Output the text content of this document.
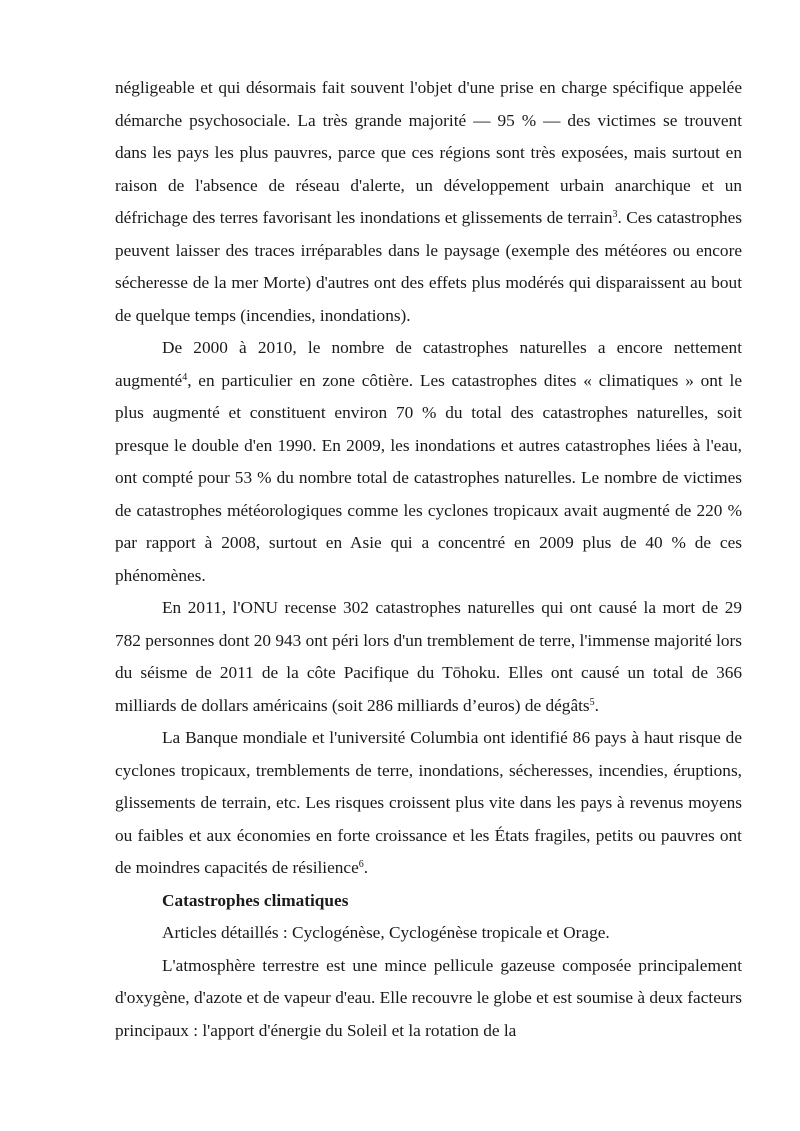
négligeable et qui désormais fait souvent l'objet d'une prise en charge spécifique appelée démarche psychosociale. La très grande majorité — 95 % — des victimes se trouvent dans les pays les plus pauvres, parce que ces régions sont très exposées, mais surtout en raison de l'absence de réseau d'alerte, un développement urbain anarchique et un défrichage des terres favorisant les inondations et glissements de terrain$^3$. Ces catastrophes peuvent laisser des traces irréparables dans le paysage (exemple des météores ou encore sécheresse de la mer Morte) d'autres ont des effets plus modérés qui disparaissent au bout de quelque temps (incendies, inondations).

De 2000 à 2010, le nombre de catastrophes naturelles a encore nettement augmenté$^4$, en particulier en zone côtière. Les catastrophes dites « climatiques » ont le plus augmenté et constituent environ 70 % du total des catastrophes naturelles, soit presque le double d'en 1990. En 2009, les inondations et autres catastrophes liées à l'eau, ont compté pour 53 % du nombre total de catastrophes naturelles. Le nombre de victimes de catastrophes météorologiques comme les cyclones tropicaux avait augmenté de 220 % par rapport à 2008, surtout en Asie qui a concentré en 2009 plus de 40 % de ces phénomènes.

En 2011, l'ONU recense 302 catastrophes naturelles qui ont causé la mort de 29 782 personnes dont 20 943 ont péri lors d'un tremblement de terre, l'immense majorité lors du séisme de 2011 de la côte Pacifique du Tōhoku. Elles ont causé un total de 366 milliards de dollars américains (soit 286 milliards d’euros) de dégâts$^5$.

La Banque mondiale et l'université Columbia ont identifié 86 pays à haut risque de cyclones tropicaux, tremblements de terre, inondations, sécheresses, incendies, éruptions, glissements de terrain, etc. Les risques croissent plus vite dans les pays à revenus moyens ou faibles et aux économies en forte croissance et les États fragiles, petits ou pauvres ont de moindres capacités de résilience$^6$.

Catastrophes climatiques

Articles détaillés : Cyclogénèse, Cyclogénèse tropicale et Orage.

L'atmosphère terrestre est une mince pellicule gazeuse composée principalement d'oxygène, d'azote et de vapeur d'eau. Elle recouvre le globe et est soumise à deux facteurs principaux : l'apport d'énergie du Soleil et la rotation de la
